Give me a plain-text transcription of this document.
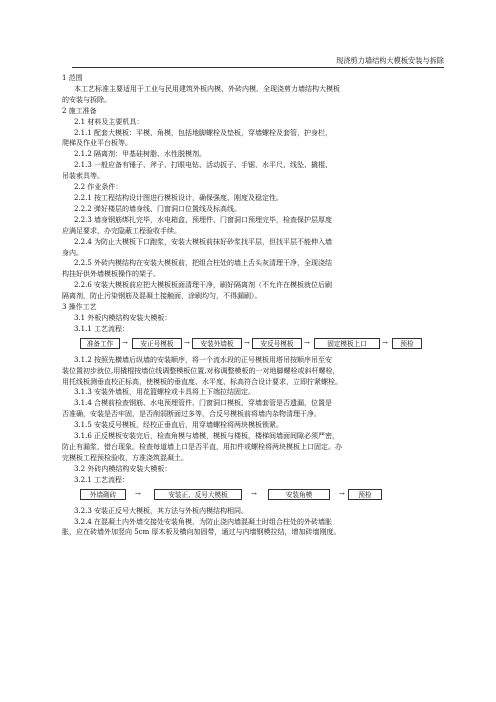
现浇剪力墙结构大模板安装与拆除

1 范围

本工艺标准主要适用于工业与民用建筑外板内模、外砖内模、全现浇剪力墙结构大模板

的安装与拆除。

2 施工准备

2.1 材料及主要机具：

2.1.1 配套大模板：平模、角模，包括地脚螺栓及垫板，穿墙螺栓及套管，护身栏，

爬梯及作业平台板等。

2.1.2 隔离剂：甲基硅树脂、水性脱模剂。

2.1.3 一般应备有锤子、斧子、打眼电钻、活动扳子、手锯、水平尺、线坠、撬棍、

吊装索具等。

2.2 作业条件：

2.2.1 按工程结构设计图进行模板设计，确保强度、刚度及稳定性。

2.2.2 弹好楼层的墙身线、门窗洞口位置线及标高线。

2.2.3 墙身钢筋绑扎完毕，水电箱盒、预埋件、门窗洞口预埋完毕，检查保护层厚度

应满足要求，办完隐蔽工程验收手续。

2.2.4 为防止大模板下口跑浆，安装大模板前抹好砂浆找平层，但找平层不能伸入墙

身内。

2.2.5 外砖内模结构在安装大模板前，把组合柱处的墙上舌头灰清理干净，全现浇结

构挂好供外墙模板操作的架子。

2.2.6 安装大模板前应把大模板板面清理干净，刷好隔离剂（不允许在模板就位后刷

隔离剂，防止污染钢筋及混凝土接触面，涂刷均匀，不得漏刷）。

3 操作工艺

3.1 外板内模结构安装大模板：

3.1.1 工艺流程：

准备工作	→	安正号模板	→	安装外墙板	→	安反号模板	→	固定模板上口	→	预检

3.1.2 按照先横墙后纵墙的安装顺序，将一个流水段的正号模板用塔吊按顺序吊至安

装位置初步就位,用撬棍按墙位线调整模板位置,对称调整模板的一对地脚螺栓或斜杆螺栓，

用托线板测垂直校正标高，使模板的垂直度、水平度、标高符合设计要求，立即拧紧螺栓。

3.1.3 安装外墙板，用花篮螺栓或卡具将上下端拉结固定。

3.1.4 合模前检查钢筋、水电预埋管件、门窗洞口模板、穿墙套管是否遗漏，位置是

否准确，安装是否牢固，是否削弱断面过多等，合反号模板前将墙内杂物清理干净。

3.1.5 安装反号模板，经校正垂直后，用穿墙螺栓将两块模板锁紧。

3.1.6 正反模板安装完后，检查角模与墙模，模板与楼板，楼梯间墙面间隙必须严密，

防止有漏浆、错台现象。检查每道墙上口是否平直，用扣件或螺栓将两块模板上口固定。办

完模板工程预检验收，方准浇筑混凝土。

3.2 外砖内模结构安装大模板：

3.2.1 工艺流程：

外墙砌砖	→	安装正、反号大模板	→	安装角模	→	预检

3.2.3 安装正反号大模板，其方法与外板内模结构相同。

3.2.4 在混凝土内外墙交接处安装角模，为防止浇内墙混凝土时组合柱处的外砖墙胀

胀，应在砖墙外加竖向 5cm 厚木板及横向加固带，通过与内墙钢模拉结，增加砖墙刚度。
